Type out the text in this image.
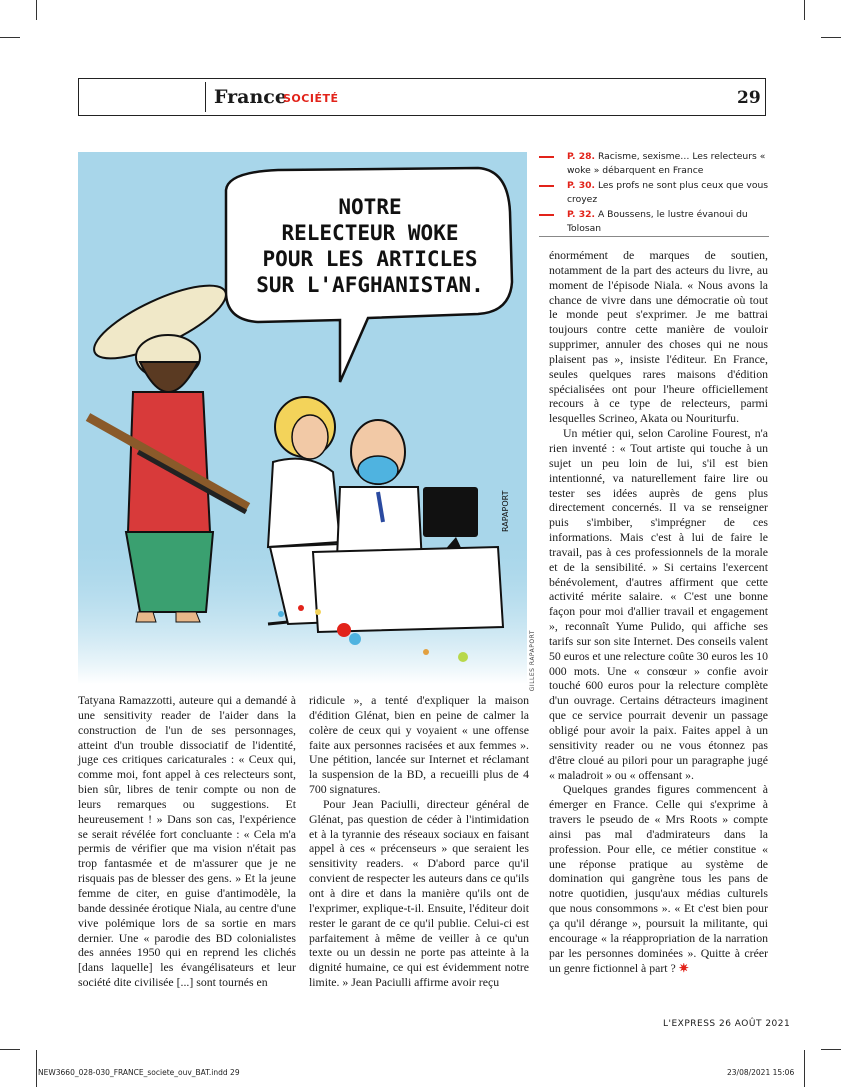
France
SOCIÉTÉ	29
NOTRE
RELECTEUR WOKE
POUR LES ARTICLES
SUR L'AFGHANISTAN.
RAPAPORT
GILLES RAPAPORT
P. 28. Racisme, sexisme… Les relecteurs « woke » débarquent en France
P. 30. Les profs ne sont plus ceux que vous croyez
P. 32. A Boussens, le lustre évanoui du Tolosan

Tatyana Ramazzotti, auteure qui a demandé à une sensitivity reader de l'aider dans la construction de l'un de ses personnages, atteint d'un trouble dissociatif de l'identité, juge ces critiques caricaturales : « Ceux qui, comme moi, font appel à ces relecteurs sont, bien sûr, libres de tenir compte ou non de leurs remarques ou suggestions. Et heureusement ! » Dans son cas, l'expérience se serait révélée fort concluante : « Cela m'a permis de vérifier que ma vision n'était pas trop fantasmée et de m'assurer que je ne risquais pas de blesser des gens. » Et la jeune femme de citer, en guise d'antimodèle, la bande dessinée érotique Niala, au centre d'une vive polémique lors de sa sortie en mars dernier. Une « parodie des BD colonialistes des années 1950 qui en reprend les clichés [dans laquelle] les évangélisateurs et leur société dite civilisée [...] sont tournés en

ridicule », a tenté d'expliquer la maison d'édition Glénat, bien en peine de calmer la colère de ceux qui y voyaient « une offense faite aux personnes racisées et aux femmes ». Une pétition, lancée sur Internet et réclamant la suspension de la BD, a recueilli plus de 4 700 signatures.

Pour Jean Paciulli, directeur général de Glénat, pas question de céder à l'intimidation et à la tyrannie des réseaux sociaux en faisant appel à ces « précenseurs » que seraient les sensitivity readers. « D'abord parce qu'il convient de respecter les auteurs dans ce qu'ils ont à dire et dans la manière qu'ils ont de l'exprimer, explique-t-il. Ensuite, l'éditeur doit rester le garant de ce qu'il publie. Celui-ci est parfaitement à même de veiller à ce qu'un texte ou un dessin ne porte pas atteinte à la dignité humaine, ce qui est évidemment notre limite. » Jean Paciulli affirme avoir reçu

énormément de marques de soutien, notamment de la part des acteurs du livre, au moment de l'épisode Niala. « Nous avons la chance de vivre dans une démocratie où tout le monde peut s'exprimer. Je me battrai toujours contre cette manière de vouloir supprimer, annuler des choses qui ne nous plaisent pas », insiste l'éditeur. En France, seules quelques rares maisons d'édition spécialisées ont pour l'heure officiellement recours à ce type de relecteurs, parmi lesquelles Scrineo, Akata ou Nouriturfu.

Un métier qui, selon Caroline Fourest, n'a rien inventé : « Tout artiste qui touche à un sujet un peu loin de lui, s'il est bien intentionné, va naturellement faire lire ou tester ses idées auprès de gens plus directement concernés. Il va se renseigner puis s'imbiber, s'imprégner de ces informations. Mais c'est à lui de faire le travail, pas à ces professionnels de la morale et de la sensibilité. » Si certains l'exercent bénévolement, d'autres affirment que cette activité mérite salaire. « C'est une bonne façon pour moi d'allier travail et engagement », reconnaît Yume Pulido, qui affiche ses tarifs sur son site Internet. Des conseils valent 50 euros et une relecture coûte 30 euros les 10 000 mots. Une « consœur » confie avoir touché 600 euros pour la relecture complète d'un ouvrage. Certains détracteurs imaginent que ce service pourrait devenir un passage obligé pour avoir la paix. Faites appel à un sensitivity reader ou ne vous étonnez pas d'être cloué au pilori pour un paragraphe jugé « maladroit » ou « offensant ».

Quelques grandes figures commencent à émerger en France. Celle qui s'exprime à travers le pseudo de « Mrs Roots » compte ainsi pas mal d'admirateurs dans la profession. Pour elle, ce métier constitue « une réponse pratique au système de domination qui gangrène tous les pans de notre quotidien, jusqu'aux médias culturels que nous consommons ». « Et c'est bien pour ça qu'il dérange », poursuit la militante, qui encourage « la réappropriation de la narration par les personnes dominées ». Quitte à créer un genre fictionnel à part ? ✷

L'EXPRESS 26 AOÛT 2021
NEW3660_028-030_FRANCE_societe_ouv_BAT.indd 29	23/08/2021 15:06
